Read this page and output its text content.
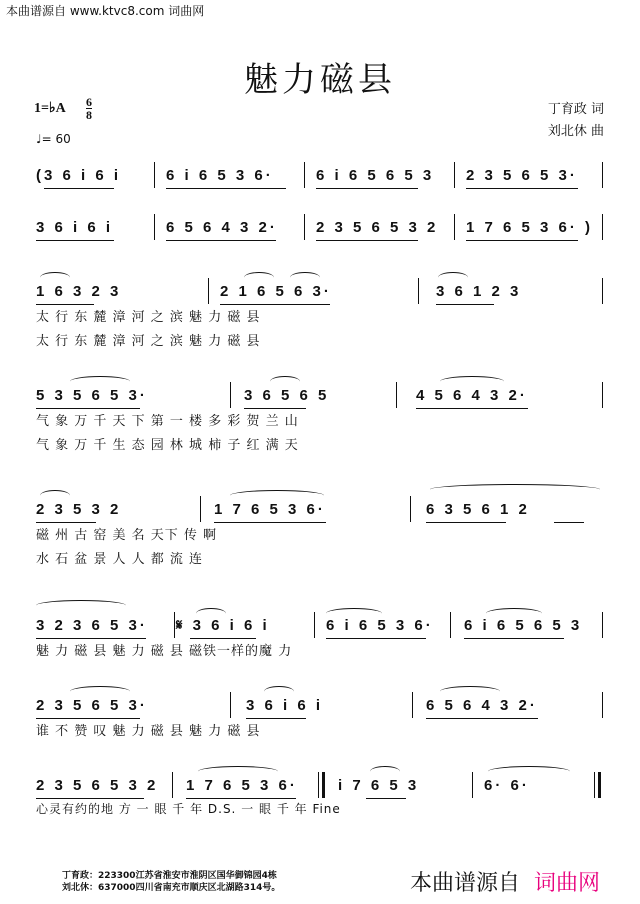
本曲谱源自 www.ktvc8.com 词曲网
魅力磁县
1=♭A $\frac{6}{8}$
♩= 60
丁育政 词
刘北休 曲
(3 6 i 6 i	6 i 6 5 3 6·	6 i 6 5 6 5 3 2 3 5 6 5 3·
3 6 i 6 i	6 5 6 4 3 2·	2 3 5 6 5 3 2 1 7 6 5 3 6· )
1 6 3 2 3	2 1 6 5 6 3·	3 6 1 2 3
太 行 东 麓 漳 河 之 滨 魅 力 磁 县
太 行 东 麓 漳 河 之 滨 魅 力 磁 县
5 3 5 6 5 3·	3 6 5 6 5	4 5 6 4 3 2·
气 象 万 千 天 下 第 一 楼 多 彩 贺 兰 山
气 象 万 千 生 态 园 林 城 柿 子 红 满 天
2 3 5 3 2	1 7 6 5 3 6·	6 3 5 6 1 2
磁 州 古 窑 美 名 天下 传 啊
水 石 盆 景 人 人 都 流 连
3 2 3 6 5 3· 𝄋 3 6 i 6 i	6 i 6 5 3 6· 6 i 6 5 6 5 3
魅 力 磁 县 魅 力 磁 县 磁铁一样的魔 力
2 3 5 6 5 3·	3 6 i 6 i	6 5 6 4 3 2·
谁 不 赞 叹 魅 力 磁 县 魅 力 磁 县
2 3 5 6 5 3 2 1 7 6 5 3 6·	i 7 6 5 3	6· 6·
心灵有约的地 方 一 眼 千 年 D.S. 一 眼 千 年 Fine
丁育政：223300江苏省淮安市淮阴区国华御锦园4栋
刘北休：637000四川省南充市顺庆区北湖路314号。	本曲谱源自 词曲网
